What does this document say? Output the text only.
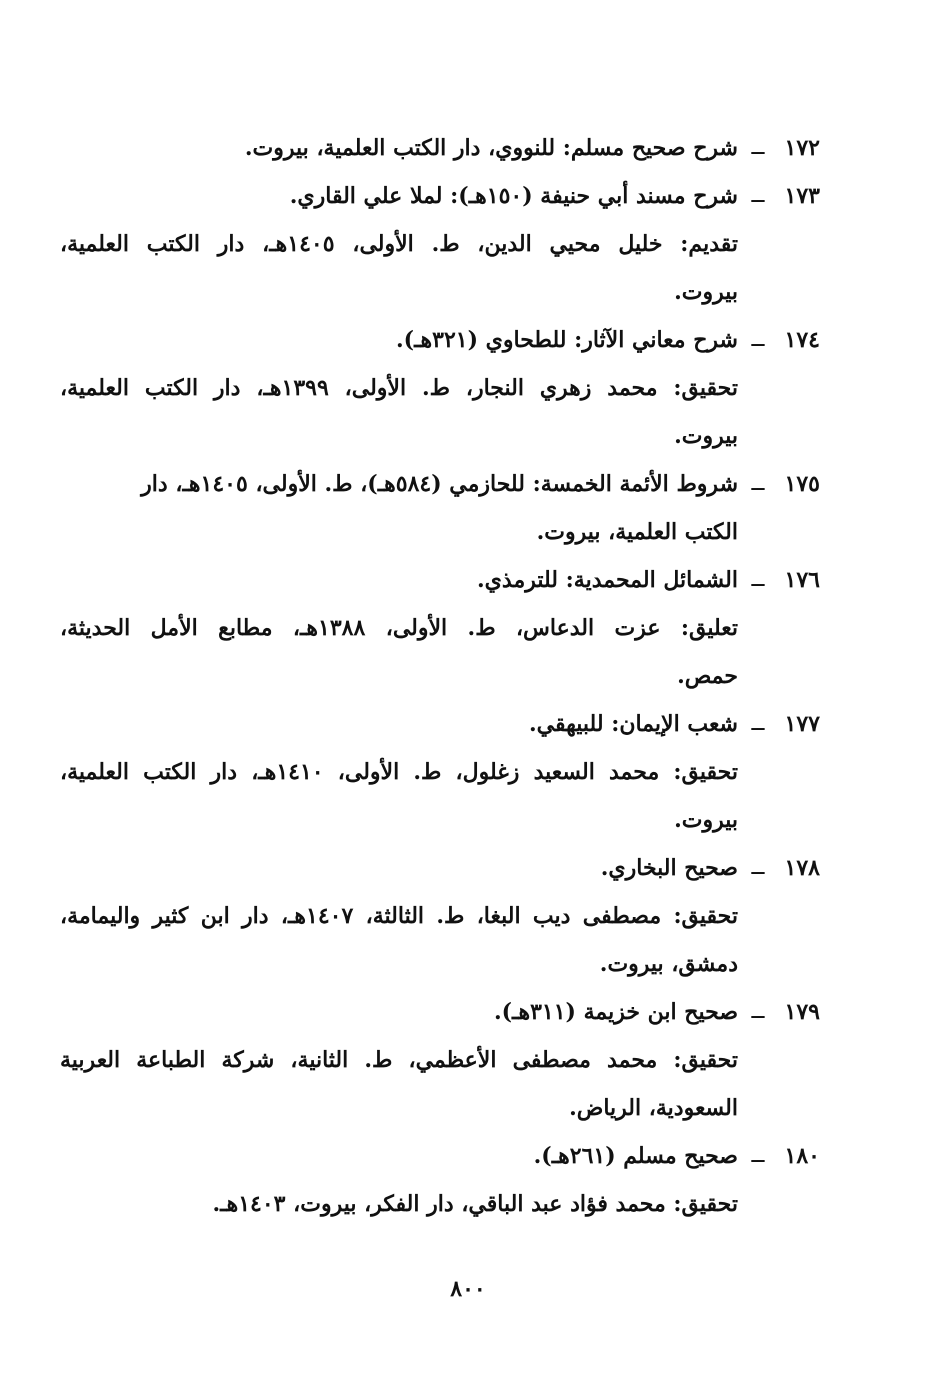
١٧٢
ــ
شرح صحيح مسلم: للنووي، دار الكتب العلمية، بيروت.
١٧٣
ــ
شرح مسند أبي حنيفة (١٥٠هـ): لملا علي القاري.
تقديم: خليل محيي الدين، ط. الأولى، ١٤٠٥هـ، دار الكتب العلمية،
بيروت.
١٧٤
ــ
شرح معاني الآثار: للطحاوي (٣٢١هـ).
تحقيق: محمد زهري النجار، ط. الأولى، ١٣٩٩هـ، دار الكتب العلمية،
بيروت.
١٧٥
ــ
شروط الأئمة الخمسة: للحازمي (٥٨٤هـ)، ط. الأولى، ١٤٠٥هـ، دار
الكتب العلمية، بيروت.
١٧٦
ــ
الشمائل المحمدية: للترمذي.
تعليق: عزت الدعاس، ط. الأولى، ١٣٨٨هـ، مطابع الأمل الحديثة،
حمص.
١٧٧
ــ
شعب الإيمان: للبيهقي.
تحقيق: محمد السعيد زغلول، ط. الأولى، ١٤١٠هـ، دار الكتب العلمية،
بيروت.
١٧٨
ــ
صحيح البخاري.
تحقيق: مصطفى ديب البغا، ط. الثالثة، ١٤٠٧هـ، دار ابن كثير واليمامة،
دمشق، بيروت.
١٧٩
ــ
صحيح ابن خزيمة (٣١١هـ).
تحقيق: محمد مصطفى الأعظمي، ط. الثانية، شركة الطباعة العربية
السعودية، الرياض.
١٨٠
ــ
صحيح مسلم (٢٦١هـ).
تحقيق: محمد فؤاد عبد الباقي، دار الفكر، بيروت، ١٤٠٣هـ.
٨٠٠
